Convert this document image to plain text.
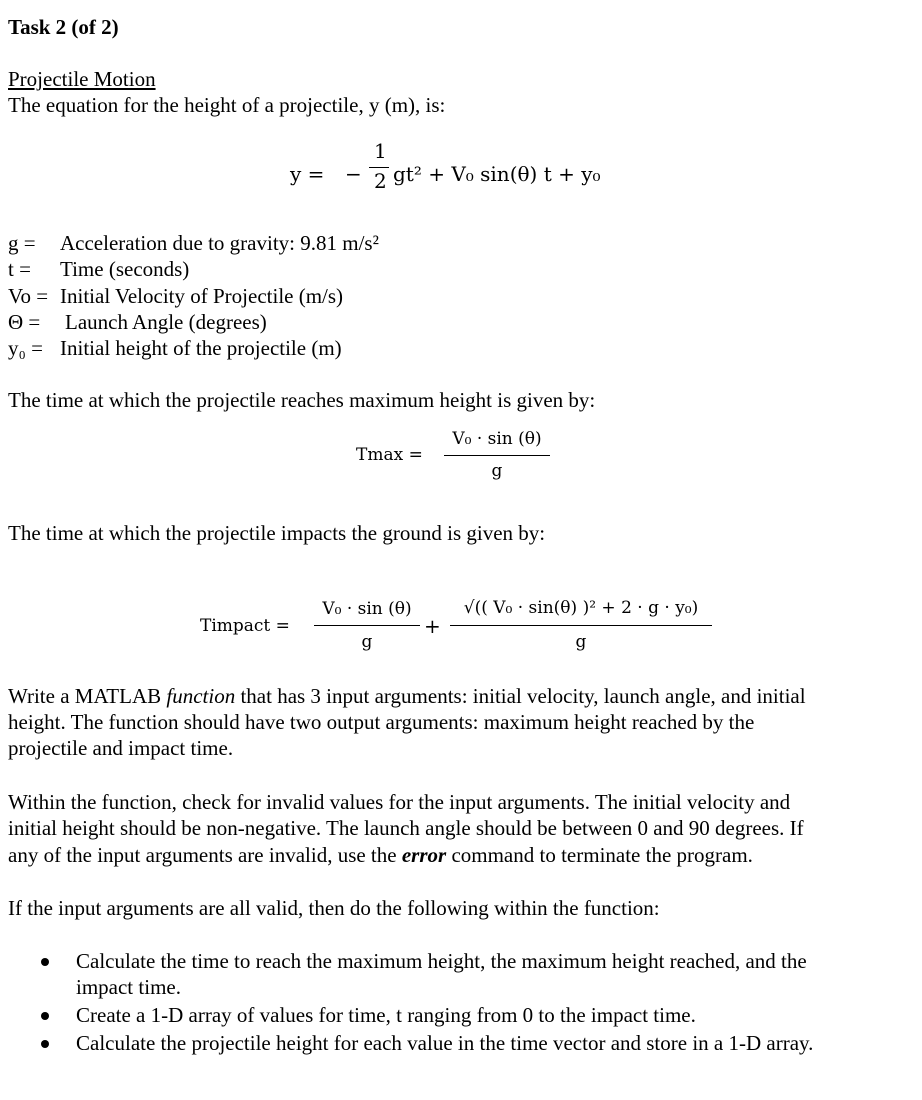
Task 2 (of 2)
Projectile Motion
The equation for the height of a projectile, y (m), is:
y = −
1
2 gt² + V₀ sin(θ) t + y₀
g = Acceleration due to gravity: 9.81 m/s²
t = Time (seconds)
Vo = Initial Velocity of Projectile (m/s)
Θ = Launch Angle (degrees)
y₀ = Initial height of the projectile (m)
The time at which the projectile reaches maximum height is given by:
Tmax =
V₀ · sin (θ)
g
The time at which the projectile impacts the ground is given by:
Timpact =
V₀ · sin (θ)
g
+
√(( V₀ · sin(θ) )² + 2 · g · y₀)
g
Write a MATLAB function that has 3 input arguments: initial velocity, launch angle, and initial
height. The function should have two output arguments: maximum height reached by the
projectile and impact time.
Within the function, check for invalid values for the input arguments. The initial velocity and
initial height should be non-negative. The launch angle should be between 0 and 90 degrees. If
any of the input arguments are invalid, use the error command to terminate the program.
If the input arguments are all valid, then do the following within the function:
Calculate the time to reach the maximum height, the maximum height reached, and the
impact time.
Create a 1-D array of values for time, t ranging from 0 to the impact time.
Calculate the projectile height for each value in the time vector and store in a 1-D array.
